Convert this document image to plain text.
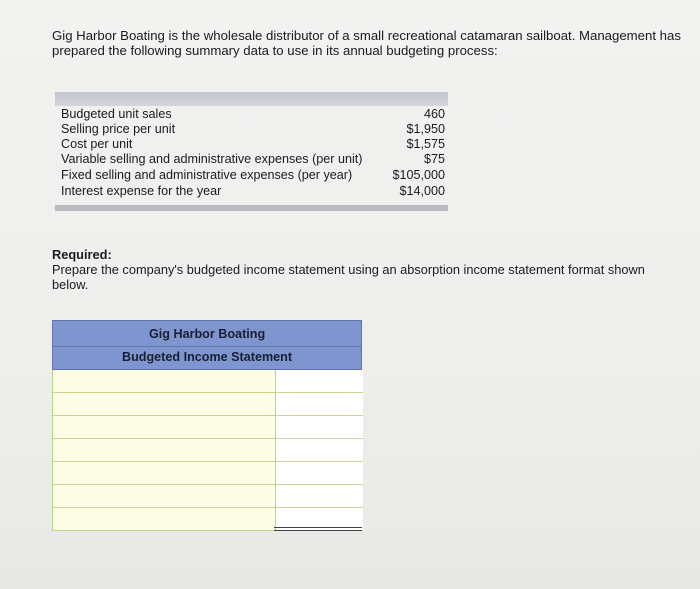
Gig Harbor Boating is the wholesale distributor of a small recreational catamaran sailboat. Management has prepared the following summary data to use in its annual budgeting process:
Budgeted unit sales	460
Selling price per unit	$1,950
Cost per unit	$1,575
Variable selling and administrative expenses (per unit)	$75
Fixed selling and administrative expenses (per year)	$105,000
Interest expense for the year	$14,000
Required:
Prepare the company's budgeted income statement using an absorption income statement format shown below.
Gig Harbor Boating
Budgeted Income Statement
